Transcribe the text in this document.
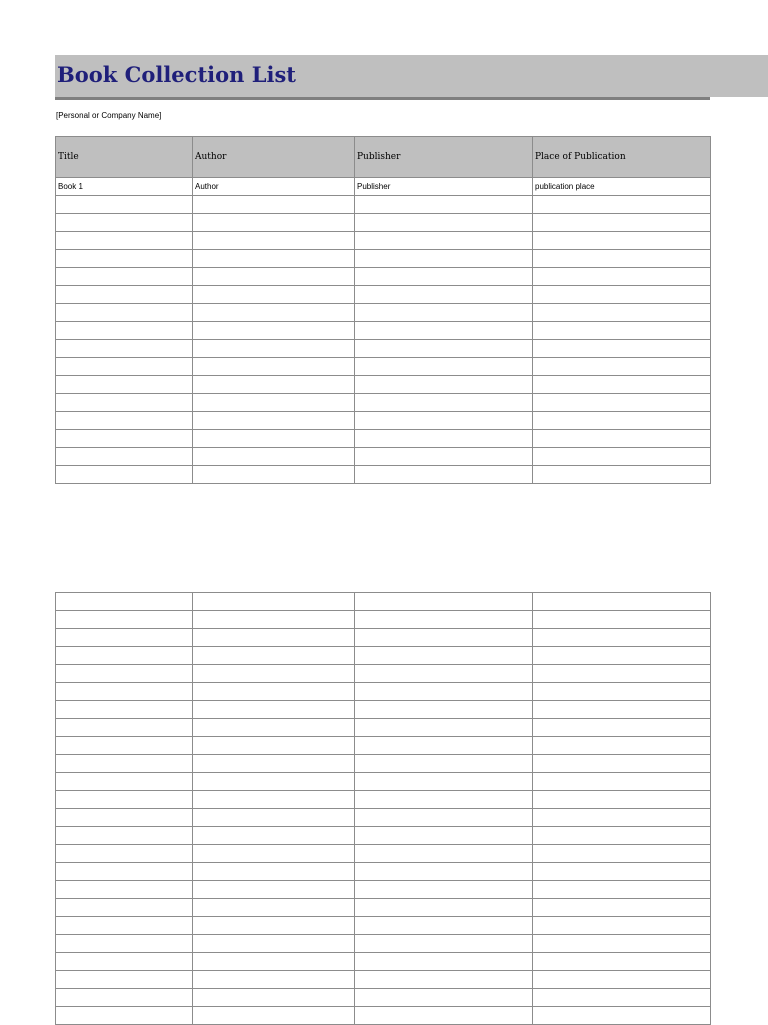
Book Collection List
[Personal or Company Name]
Title	Author	Publisher	Place of Publication
Book 1	Author	Publisher	publication place
